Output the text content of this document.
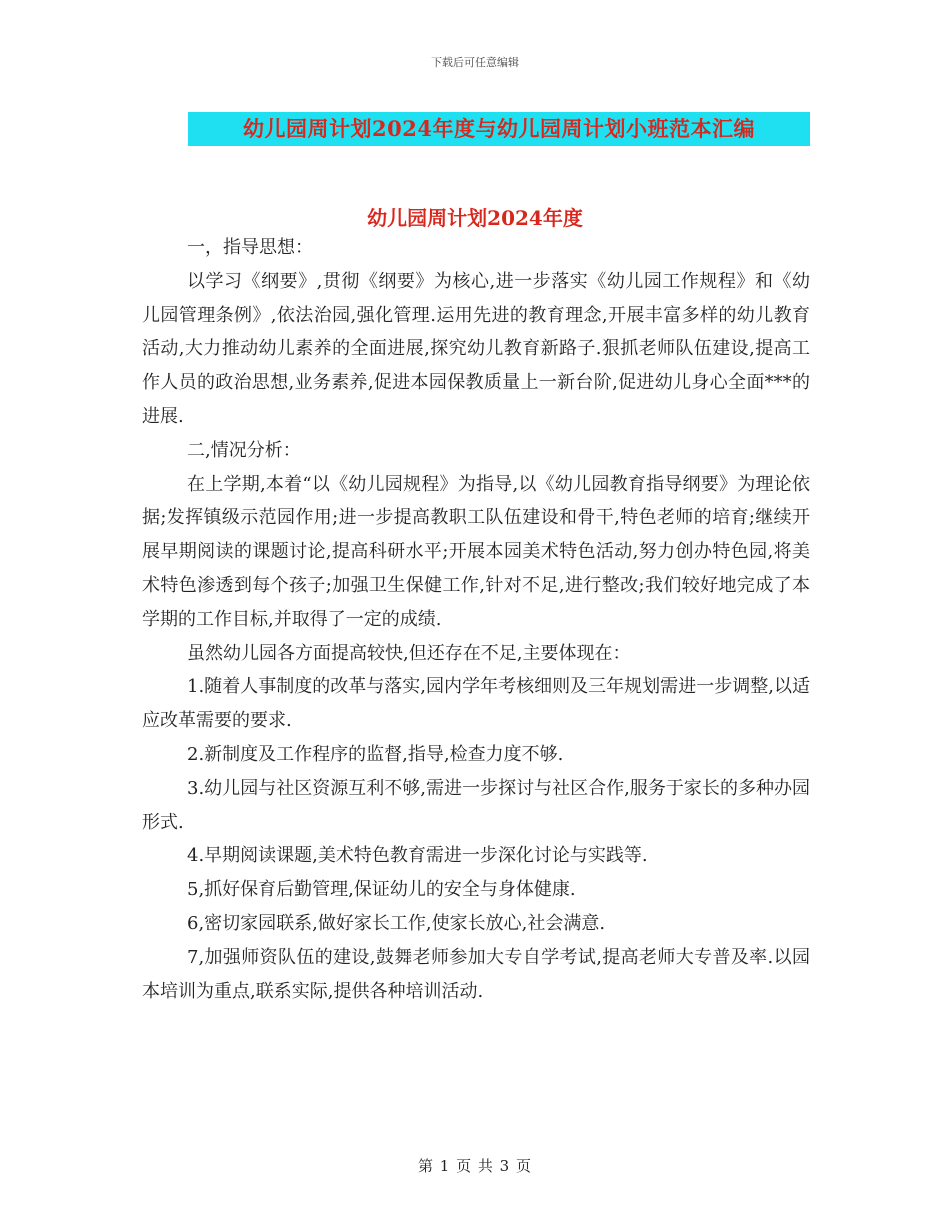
下载后可任意编辑
幼儿园周计划2024年度与幼儿园周计划小班范本汇编
幼儿园周计划2024年度

一，指导思想：

以学习《纲要》,贯彻《纲要》为核心,进一步落实《幼儿园工作规程》和《幼儿园管理条例》,依法治园,强化管理.运用先进的教育理念,开展丰富多样的幼儿教育活动,大力推动幼儿素养的全面进展,探究幼儿教育新路子.狠抓老师队伍建设,提高工作人员的政治思想,业务素养,促进本园保教质量上一新台阶,促进幼儿身心全面***的进展.

二,情况分析：

在上学期,本着“以《幼儿园规程》为指导,以《幼儿园教育指导纲要》为理论依据;发挥镇级示范园作用;进一步提高教职工队伍建设和骨干,特色老师的培育;继续开展早期阅读的课题讨论,提高科研水平;开展本园美术特色活动,努力创办特色园,将美术特色渗透到每个孩子;加强卫生保健工作,针对不足,进行整改;我们较好地完成了本学期的工作目标,并取得了一定的成绩.

虽然幼儿园各方面提高较快,但还存在不足,主要体现在：

1.随着人事制度的改革与落实,园内学年考核细则及三年规划需进一步调整,以适应改革需要的要求.

2.新制度及工作程序的监督,指导,检查力度不够.

3.幼儿园与社区资源互利不够,需进一步探讨与社区合作,服务于家长的多种办园形式.

4.早期阅读课题,美术特色教育需进一步深化讨论与实践等.

5,抓好保育后勤管理,保证幼儿的安全与身体健康.

6,密切家园联系,做好家长工作,使家长放心,社会满意.

7,加强师资队伍的建设,鼓舞老师参加大专自学考试,提高老师大专普及率.以园本培训为重点,联系实际,提供各种培训活动.

第 1 页 共 3 页
